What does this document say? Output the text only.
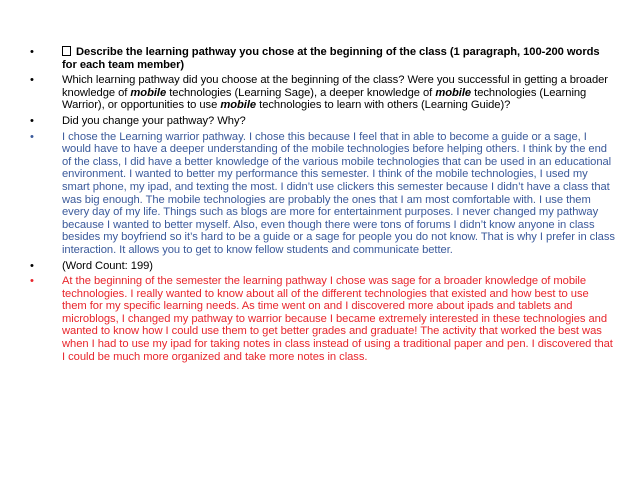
•	Describe the learning pathway you chose at the beginning of the class (1 paragraph, 100-200 words for each team member)
•	Which learning pathway did you choose at the beginning of the class? Were you successful in getting a broader knowledge of mobile technologies (Learning Sage), a deeper knowledge of mobile technologies (Learning Warrior), or opportunities to use mobile technologies to learn with others (Learning Guide)?
•	Did you change your pathway? Why?
•	I chose the Learning warrior pathway. I chose this because I feel that in able to become a guide or a sage, I would have to have a deeper understanding of the mobile technologies before helping others. I think by the end of the class, I did have a better knowledge of the various mobile technologies that can be used in an educational environment. I wanted to better my performance this semester. I think of the mobile technologies, I used my smart phone, my ipad, and texting the most. I didn’t use clickers this semester because I didn’t have a class that was big enough. The mobile technologies are probably the ones that I am most comfortable with. I use them every day of my life. Things such as blogs are more for entertainment purposes. I never changed my pathway because I wanted to better myself. Also, even though there were tons of forums I didn’t know anyone in class besides my boyfriend so it’s hard to be a guide or a sage for people you do not know. That is why I prefer in class interaction. It allows you to get to know fellow students and communicate better.
•	(Word Count: 199)
•	At the beginning of the semester the learning pathway I chose was sage for a broader knowledge of mobile technologies. I really wanted to know about all of the different technologies that existed and how best to use them for my specific learning needs. As time went on and I discovered more about ipads and tablets and microblogs, I changed my pathway to warrior because I became extremely interested in these technologies and wanted to know how I could use them to get better grades and graduate! The activity that worked the best was when I had to use my ipad for taking notes in class instead of using a traditional paper and pen. I discovered that I could be much more organized and take more notes in class.
